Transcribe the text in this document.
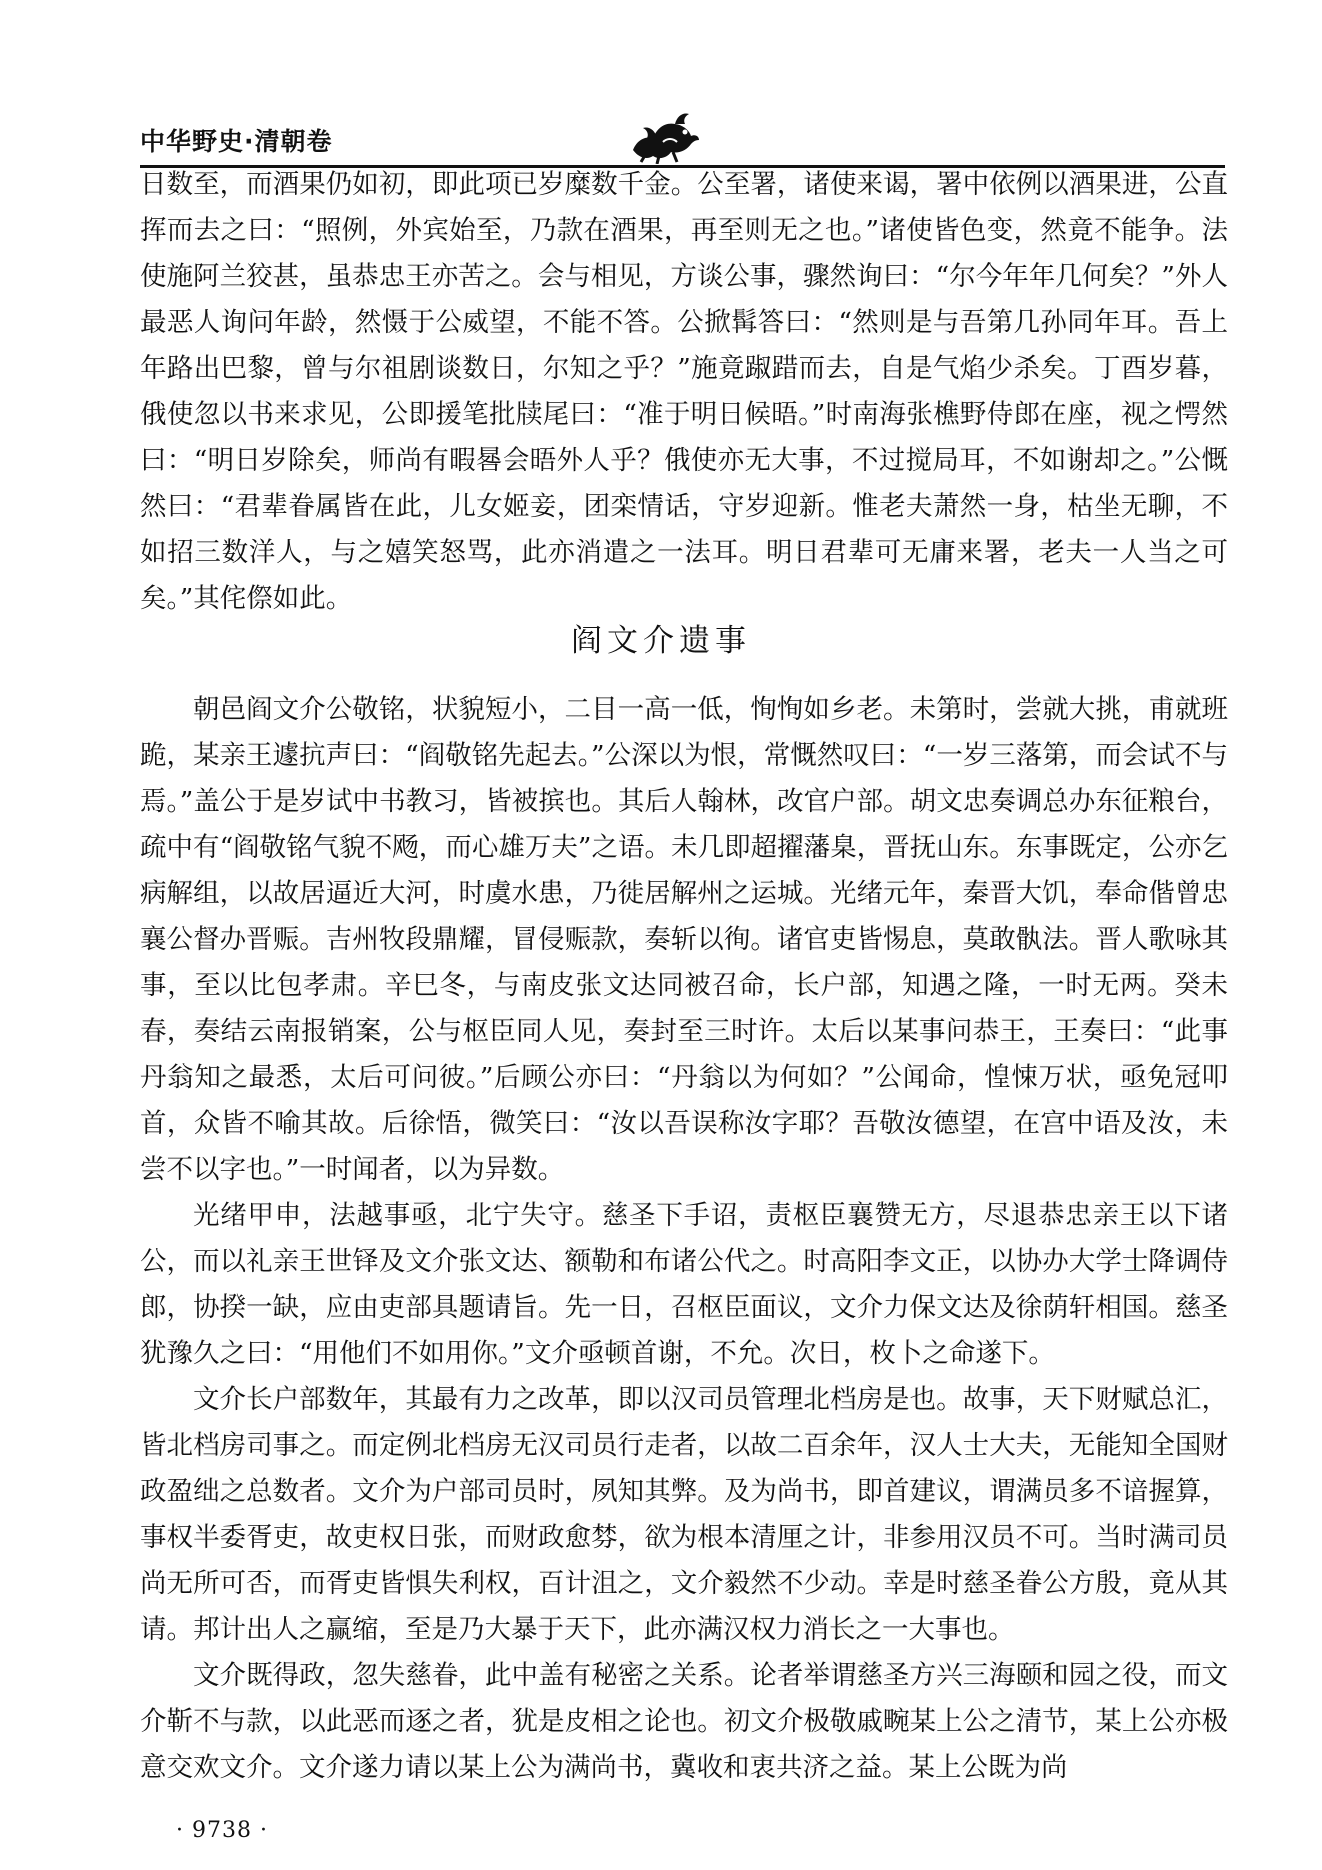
中华野史·清朝卷

日数至，而酒果仍如初，即此项已岁糜数千金。公至署，诸使来谒，署中依例以酒果进，公直挥而去之曰：“照例，外宾始至，乃款在酒果，再至则无之也。”诸使皆色变，然竟不能争。法使施阿兰狡甚，虽恭忠王亦苦之。会与相见，方谈公事，骤然询曰：“尔今年年几何矣？”外人最恶人询问年龄，然慑于公威望，不能不答。公掀髯答曰：“然则是与吾第几孙同年耳。吾上年路出巴黎，曾与尔祖剧谈数日，尔知之乎？”施竟踧踖而去，自是气焰少杀矣。丁酉岁暮，俄使忽以书来求见，公即援笔批牍尾曰：“准于明日候晤。”时南海张樵野侍郎在座，视之愕然曰：“明日岁除矣，师尚有暇晷会晤外人乎？俄使亦无大事，不过搅局耳，不如谢却之。”公慨然曰：“君辈眷属皆在此，儿女姬妾，团栾情话，守岁迎新。惟老夫萧然一身，枯坐无聊，不如招三数洋人，与之嬉笑怒骂，此亦消遣之一法耳。明日君辈可无庸来署，老夫一人当之可矣。”其侘傺如此。

阎文介遗事

朝邑阎文介公敬铭，状貌短小，二目一高一低，恂恂如乡老。未第时，尝就大挑，甫就班跪，某亲王遽抗声曰：“阎敬铭先起去。”公深以为恨，常慨然叹曰：“一岁三落第，而会试不与焉。”盖公于是岁试中书教习，皆被摈也。其后人翰林，改官户部。胡文忠奏调总办东征粮台，疏中有“阎敬铭气貌不飏，而心雄万夫”之语。未几即超擢藩臬，晋抚山东。东事既定，公亦乞病解组，以故居逼近大河，时虞水患，乃徙居解州之运城。光绪元年，秦晋大饥，奉命偕曾忠襄公督办晋赈。吉州牧段鼎耀，冒侵赈款，奏斩以徇。诸官吏皆惕息，莫敢骫法。晋人歌咏其事，至以比包孝肃。辛巳冬，与南皮张文达同被召命，长户部，知遇之隆，一时无两。癸未春，奏结云南报销案，公与枢臣同人见，奏封至三时许。太后以某事问恭王，王奏曰：“此事丹翁知之最悉，太后可问彼。”后顾公亦曰：“丹翁以为何如？”公闻命，惶悚万状，亟免冠叩首，众皆不喻其故。后徐悟，微笑曰：“汝以吾误称汝字耶？吾敬汝德望，在宫中语及汝，未尝不以字也。”一时闻者，以为异数。

光绪甲申，法越事亟，北宁失守。慈圣下手诏，责枢臣襄赞无方，尽退恭忠亲王以下诸公，而以礼亲王世铎及文介张文达、额勒和布诸公代之。时高阳李文正，以协办大学士降调侍郎，协揆一缺，应由吏部具题请旨。先一日，召枢臣面议，文介力保文达及徐荫轩相国。慈圣犹豫久之曰：“用他们不如用你。”文介亟顿首谢，不允。次日，枚卜之命遂下。

文介长户部数年，其最有力之改革，即以汉司员管理北档房是也。故事，天下财赋总汇，皆北档房司事之。而定例北档房无汉司员行走者，以故二百余年，汉人士大夫，无能知全国财政盈绌之总数者。文介为户部司员时，夙知其弊。及为尚书，即首建议，谓满员多不谙握算，事权半委胥吏，故吏权日张，而财政愈棼，欲为根本清厘之计，非参用汉员不可。当时满司员尚无所可否，而胥吏皆惧失利权，百计沮之，文介毅然不少动。幸是时慈圣眷公方殷，竟从其请。邦计出人之赢缩，至是乃大暴于天下，此亦满汉权力消长之一大事也。

文介既得政，忽失慈眷，此中盖有秘密之关系。论者举谓慈圣方兴三海颐和园之役，而文介靳不与款，以此恶而逐之者，犹是皮相之论也。初文介极敬戚畹某上公之清节，某上公亦极意交欢文介。文介遂力请以某上公为满尚书，冀收和衷共济之益。某上公既为尚

· 9738 ·
